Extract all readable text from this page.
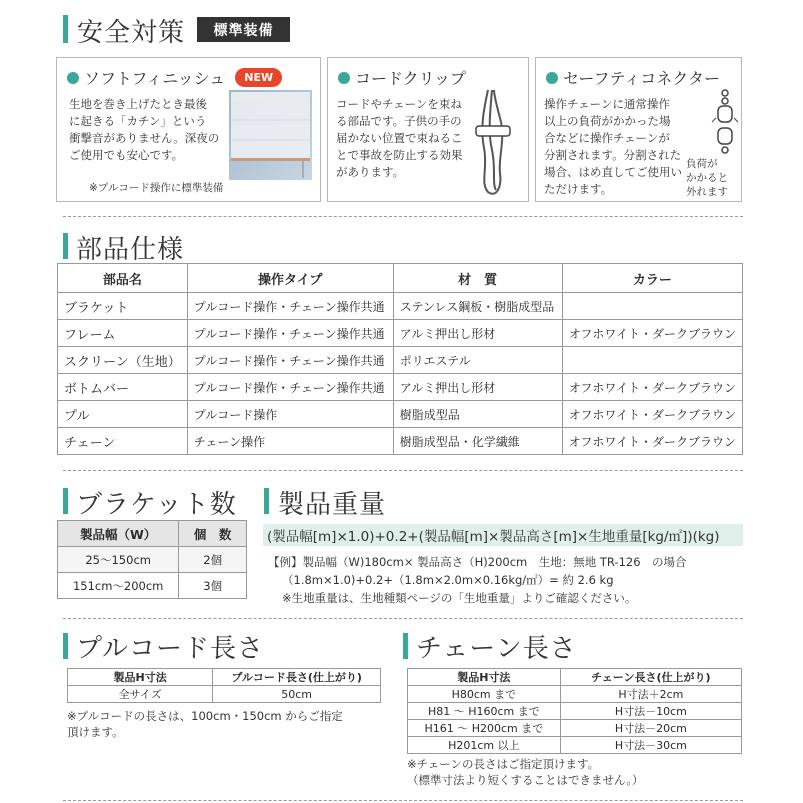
安全対策	標準装備
ソフトフィニッシュ	NEW
生地を巻き上げたとき最後
に起きる「カチン」という
衝撃音がありません。深夜の
ご使用でも安心です。
※プルコード操作に標準装備
コードクリップ
コードやチェーンを束ね
る部品です。子供の手の
届かない位置で束ねるこ
とで事故を防止する効果
があります。
セーフティコネクター
操作チェーンに通常操作
以上の負荷がかかった場
合などに操作チェーンが
分割されます。分割された
場合、はめ直してご使用い
ただけます。
負荷が
かかると
外れます
部品仕様
部品名	操作タイプ	材　質	カラー
ブラケット	プルコード操作・チェーン操作共通	ステンレス鋼板・樹脂成型品	
フレーム	プルコード操作・チェーン操作共通	アルミ押出し形材	オフホワイト・ダークブラウン
スクリーン（生地）	プルコード操作・チェーン操作共通	ポリエステル	
ボトムバー	プルコード操作・チェーン操作共通	アルミ押出し形材	オフホワイト・ダークブラウン
プル	プルコード操作	樹脂成型品	オフホワイト・ダークブラウン
チェーン	チェーン操作	樹脂成型品・化学繊維	オフホワイト・ダークブラウン
ブラケット数
製品幅（W）	個　数
25～150cm	2個
151cm～200cm	3個
製品重量
(製品幅[m]×1.0)+0.2+(製品幅[m]×製品高さ[m]×生地重量[kg/㎡])(kg)
【例】製品幅（W)180cm× 製品高さ（H)200cm　生地：無地 TR-126　の場合
（1.8m×1.0)+0.2+（1.8m×2.0m×0.16kg/㎡）= 約 2.6 kg
※生地重量は、生地種類ページの「生地重量」よりご確認ください。
プルコード長さ
製品H寸法	プルコード長さ(仕上がり)
全サイズ	50cm
※プルコードの長さは、100cm・150cm からご指定
頂けます。
チェーン長さ
製品H寸法	チェーン長さ(仕上がり)
H80cm まで	H寸法＋2cm
H81 ～ H160cm まで	H寸法－10cm
H161 ～ H200cm まで	H寸法－20cm
H201cm 以上	H寸法－30cm
※チェーンの長さはご指定頂けます。
（標準寸法より短くすることはできません。）
